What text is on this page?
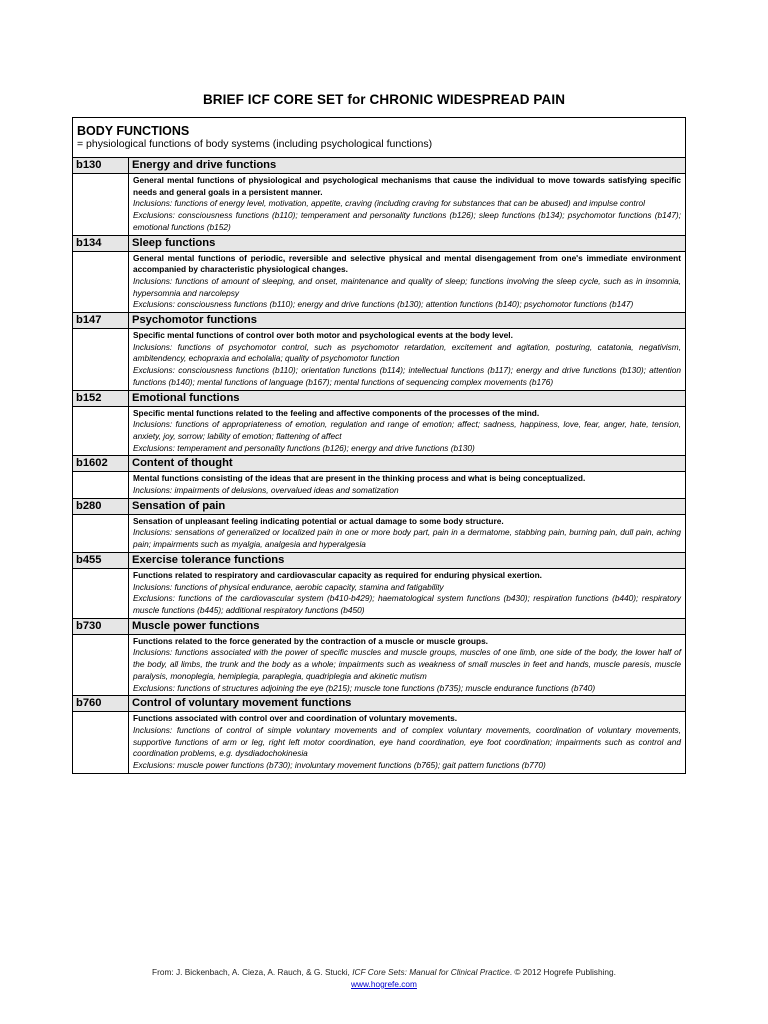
BRIEF ICF CORE SET for CHRONIC WIDESPREAD PAIN
BODY FUNCTIONS
= physiological functions of body systems (including psychological functions)	

b130	Energy and drive functions

	General mental functions of physiological and psychological mechanisms that cause the individual to move towards satisfying specific needs and general goals in a persistent manner.
Inclusions: functions of energy level, motivation, appetite, craving (including craving for substances that can be abused) and impulse control
Exclusions: consciousness functions (b110); temperament and personality functions (b126); sleep functions (b134); psychomotor functions (b147); emotional functions (b152)

b134	Sleep functions

	General mental functions of periodic, reversible and selective physical and mental disengagement from one's immediate environment accompanied by characteristic physiological changes.
Inclusions: functions of amount of sleeping, and onset, maintenance and quality of sleep; functions involving the sleep cycle, such as in insomnia, hypersomnia and narcolepsy
Exclusions: consciousness functions (b110); energy and drive functions (b130); attention functions (b140); psychomotor functions (b147)

b147	Psychomotor functions

	Specific mental functions of control over both motor and psychological events at the body level.
Inclusions: functions of psychomotor control, such as psychomotor retardation, excitement and agitation, posturing, catatonia, negativism, ambitendency, echopraxia and echolalia; quality of psychomotor function
Exclusions: consciousness functions (b110); orientation functions (b114); intellectual functions (b117); energy and drive functions (b130); attention functions (b140); mental functions of language (b167); mental functions of sequencing complex movements (b176)

b152	Emotional functions

	Specific mental functions related to the feeling and affective components of the processes of the mind.
Inclusions: functions of appropriateness of emotion, regulation and range of emotion; affect; sadness, happiness, love, fear, anger, hate, tension, anxiety, joy, sorrow; lability of emotion; flattening of affect
Exclusions: temperament and personality functions (b126); energy and drive functions (b130)

b1602	Content of thought

	Mental functions consisting of the ideas that are present in the thinking process and what is being conceptualized.
Inclusions: impairments of delusions, overvalued ideas and somatization

b280	Sensation of pain

	Sensation of unpleasant feeling indicating potential or actual damage to some body structure.
Inclusions: sensations of generalized or localized pain in one or more body part, pain in a dermatome, stabbing pain, burning pain, dull pain, aching pain; impairments such as myalgia, analgesia and hyperalgesia

b455	Exercise tolerance functions

	Functions related to respiratory and cardiovascular capacity as required for enduring physical exertion.
Inclusions: functions of physical endurance, aerobic capacity, stamina and fatigability
Exclusions: functions of the cardiovascular system (b410-b429); haematological system functions (b430); respiration functions (b440); respiratory muscle functions (b445); additional respiratory functions (b450)

b730	Muscle power functions

	Functions related to the force generated by the contraction of a muscle or muscle groups.
Inclusions: functions associated with the power of specific muscles and muscle groups, muscles of one limb, one side of the body, the lower half of the body, all limbs, the trunk and the body as a whole; impairments such as weakness of small muscles in feet and hands, muscle paresis, muscle paralysis, monoplegia, hemiplegia, paraplegia, quadriplegia and akinetic mutism
Exclusions: functions of structures adjoining the eye (b215); muscle tone functions (b735); muscle endurance functions (b740)

b760	Control of voluntary movement functions

	Functions associated with control over and coordination of voluntary movements.
Inclusions: functions of control of simple voluntary movements and of complex voluntary movements, coordination of voluntary movements, supportive functions of arm or leg, right left motor coordination, eye hand coordination, eye foot coordination; impairments such as control and coordination problems, e.g. dysdiadochokinesia
Exclusions: muscle power functions (b730); involuntary movement functions (b765); gait pattern functions (b770)
From: J. Bickenbach, A. Cieza, A. Rauch, & G. Stucki, ICF Core Sets: Manual for Clinical Practice. © 2012 Hogrefe Publishing.
www.hogrefe.com
